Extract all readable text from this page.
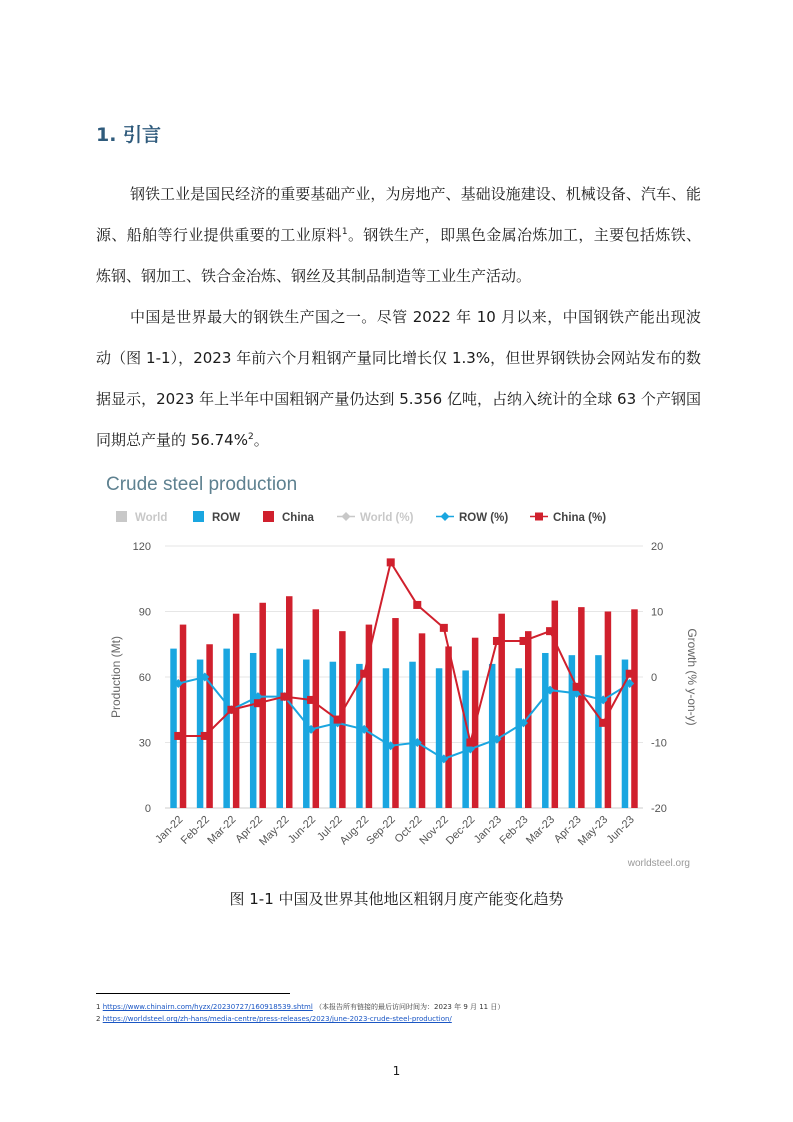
1. 引言

钢铁工业是国民经济的重要基础产业，为房地产、基础设施建设、机械设备、汽车、能源、船舶等行业提供重要的工业原料$^1$。钢铁生产，即黑色金属冶炼加工，主要包括炼铁、炼钢、钢加工、铁合金冶炼、钢丝及其制品制造等工业生产活动。

中国是世界最大的钢铁生产国之一。尽管 2022 年 10 月以来，中国钢铁产能出现波动（图 1-1），2023 年前六个月粗钢产量同比增长仅 1.3%，但世界钢铁协会网站发布的数据显示，2023 年上半年中国粗钢产量仍达到 5.356 亿吨，占纳入统计的全球 63 个产钢国同期总产量的 56.74%$^2$。

Crude steel production
World	ROW	China	World (%)	ROW (%)	China (%)
0
30
60
90
120
-20
-10
0
10
20
Production (Mt)	Growth (% y-on-y)
Jan-22
Feb-22
Mar-22
Apr-22
May-22
Jun-22
Jul-22
Aug-22
Sep-22
Oct-22
Nov-22
Dec-22
Jan-23
Feb-23
Mar-23
Apr-23
May-23
Jun-23
worldsteel.org
图 1-1 中国及世界其他地区粗钢月度产能变化趋势
1 https://www.chinairn.com/hyzx/20230727/160918539.shtml （本报告所有链接的最后访问时间为：2023 年 9 月 11 日）
2 https://worldsteel.org/zh-hans/media-centre/press-releases/2023/june-2023-crude-steel-production/
1
